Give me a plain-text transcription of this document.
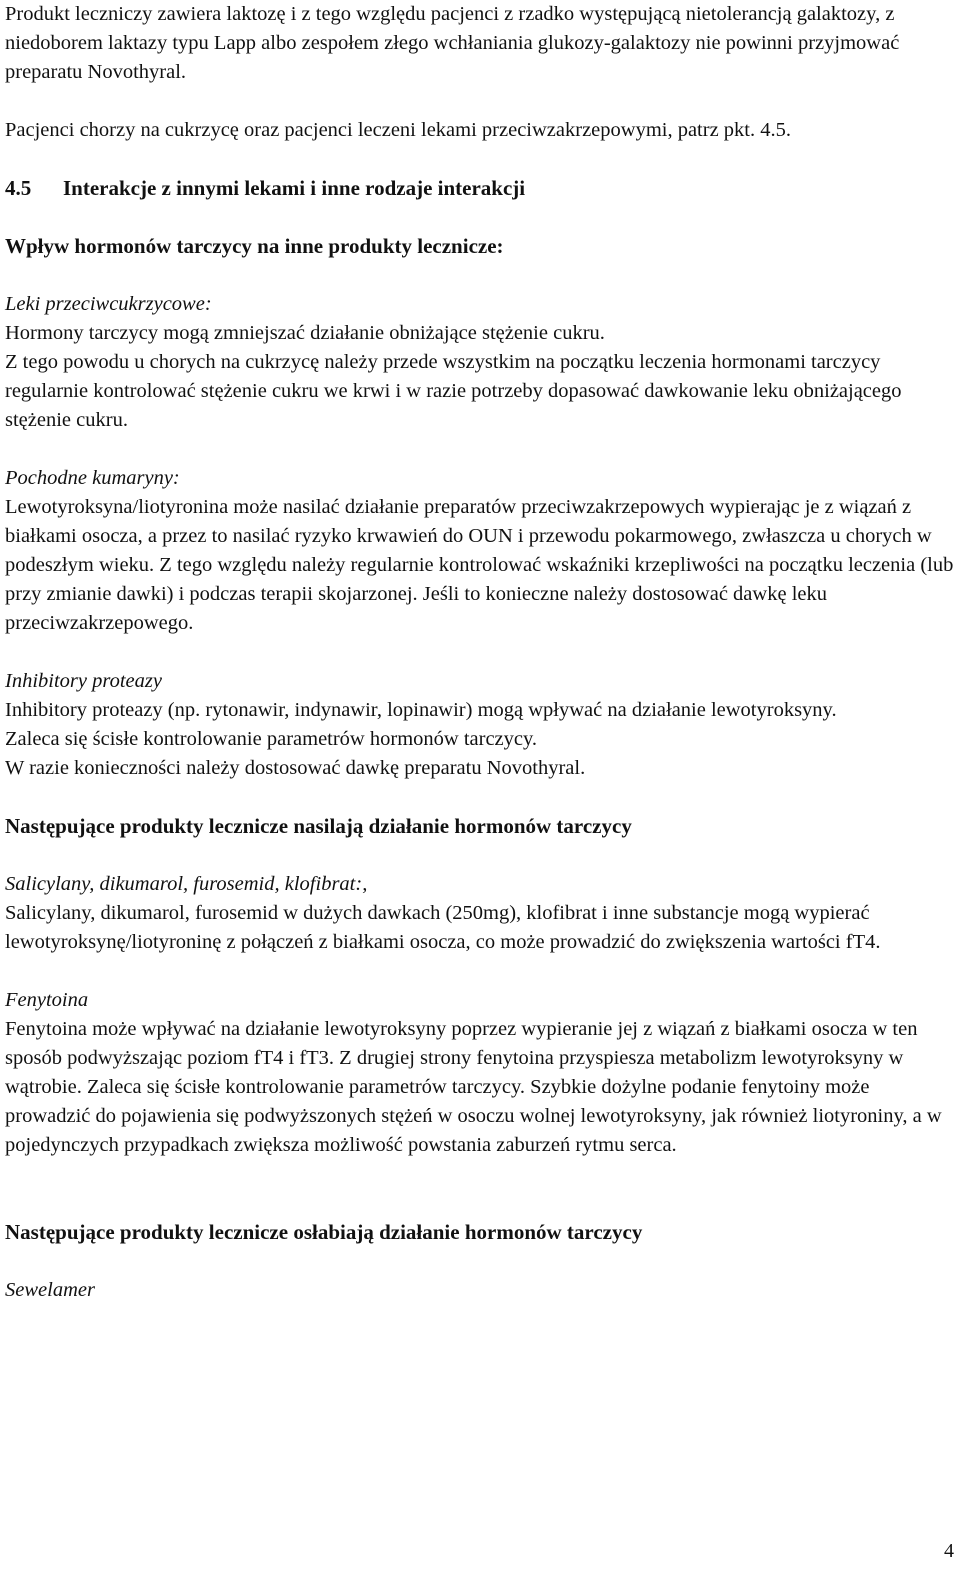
Produkt leczniczy zawiera laktozę i z tego względu pacjenci z rzadko występującą nietolerancją galaktozy, z niedoborem laktazy typu Lapp albo zespołem złego wchłaniania glukozy-galaktozy nie powinni przyjmować preparatu Novothyral.

Pacjenci chorzy na cukrzycę oraz pacjenci leczeni lekami przeciwzakrzepowymi, patrz pkt. 4.5.

4.5 Interakcje z innymi lekami i inne rodzaje interakcji
Wpływ hormonów tarczycy na inne produkty lecznicze:

Leki przeciwcukrzycowe:

Hormony tarczycy mogą zmniejszać działanie obniżające stężenie cukru.

Z tego powodu u chorych na cukrzycę należy przede wszystkim na początku leczenia hormonami tarczycy regularnie kontrolować stężenie cukru we krwi i w razie potrzeby dopasować dawkowanie leku obniżającego stężenie cukru.

Pochodne kumaryny:

Lewotyroksyna/liotyronina może nasilać działanie preparatów przeciwzakrzepowych wypierając je z wiązań z białkami osocza, a przez to nasilać ryzyko krwawień do OUN i przewodu pokarmowego, zwłaszcza u chorych w podeszłym wieku. Z tego względu należy regularnie kontrolować wskaźniki krzepliwości na początku leczenia (lub przy zmianie dawki) i podczas terapii skojarzonej. Jeśli to konieczne należy dostosować dawkę leku przeciwzakrzepowego.

Inhibitory proteazy

Inhibitory proteazy (np. rytonawir, indynawir, lopinawir) mogą wpływać na działanie lewotyroksyny.

Zaleca się ścisłe kontrolowanie parametrów hormonów tarczycy.

W razie konieczności należy dostosować dawkę preparatu Novothyral.

Następujące produkty lecznicze nasilają działanie hormonów tarczycy

Salicylany, dikumarol, furosemid, klofibrat:,

Salicylany, dikumarol, furosemid w dużych dawkach (250mg), klofibrat i inne substancje mogą wypierać lewotyroksynę/liotyroninę z połączeń z białkami osocza, co może prowadzić do zwiększenia wartości fT4.

Fenytoina

Fenytoina może wpływać na działanie lewotyroksyny poprzez wypieranie jej z wiązań z białkami osocza w ten sposób podwyższając poziom fT4 i fT3. Z drugiej strony fenytoina przyspiesza metabolizm lewotyroksyny w wątrobie. Zaleca się ścisłe kontrolowanie parametrów tarczycy. Szybkie dożylne podanie fenytoiny może prowadzić do pojawienia się podwyższonych stężeń w osoczu wolnej lewotyroksyny, jak również liotyroniny, a w pojedynczych przypadkach zwiększa możliwość powstania zaburzeń rytmu serca.

Następujące produkty lecznicze osłabiają działanie hormonów tarczycy

Sewelamer

4
